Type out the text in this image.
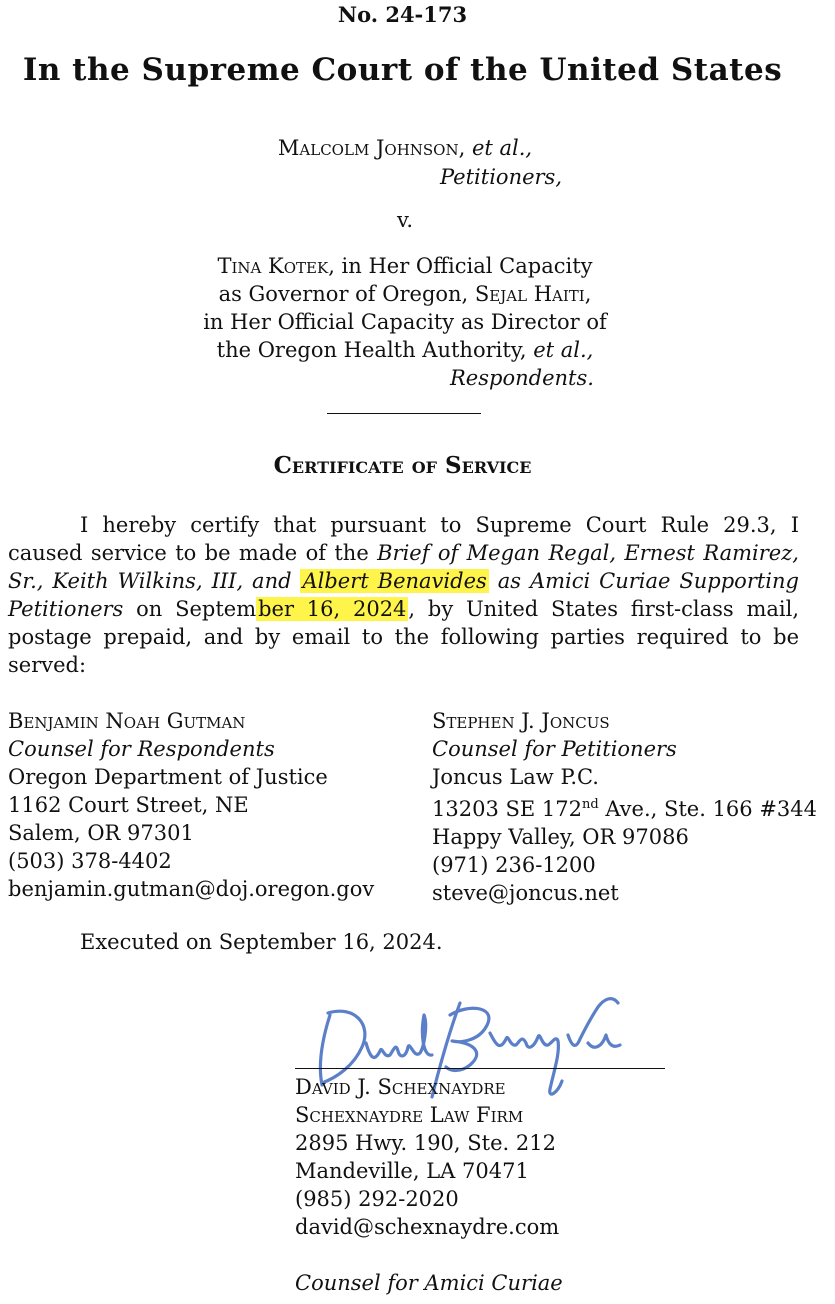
No. 24-173
In the Supreme Court of the United States
Malcolm Johnson, et al.,
Petitioners,
v.
Tina Kotek, in Her Official Capacity
as Governor of Oregon, Sejal Haiti,
in Her Official Capacity as Director of
the Oregon Health Authority, et al.,
Respondents.
Certificate of Service
I hereby certify that pursuant to Supreme Court Rule 29.3, I caused service to be made of the Brief of Megan Regal, Ernest Ramirez, Sr., Keith Wilkins, III, and Albert Benavides as Amici Curiae Supporting Petitioners on September 16, 2024, by United States first-class mail, postage prepaid, and by email to the following parties required to be served:
Benjamin Noah Gutman
Counsel for Respondents
Oregon Department of Justice
1162 Court Street, NE
Salem, OR 97301
(503) 378-4402
benjamin.gutman@doj.oregon.gov
Stephen J. Joncus
Counsel for Petitioners
Joncus Law P.C.
13203 SE 172nd Ave., Ste. 166 #344
Happy Valley, OR 97086
(971) 236-1200
steve@joncus.net
Executed on September 16, 2024.
David J. Schexnaydre
Schexnaydre Law Firm
2895 Hwy. 190, Ste. 212
Mandeville, LA 70471
(985) 292-2020
david@schexnaydre.com
Counsel for Amici Curiae
